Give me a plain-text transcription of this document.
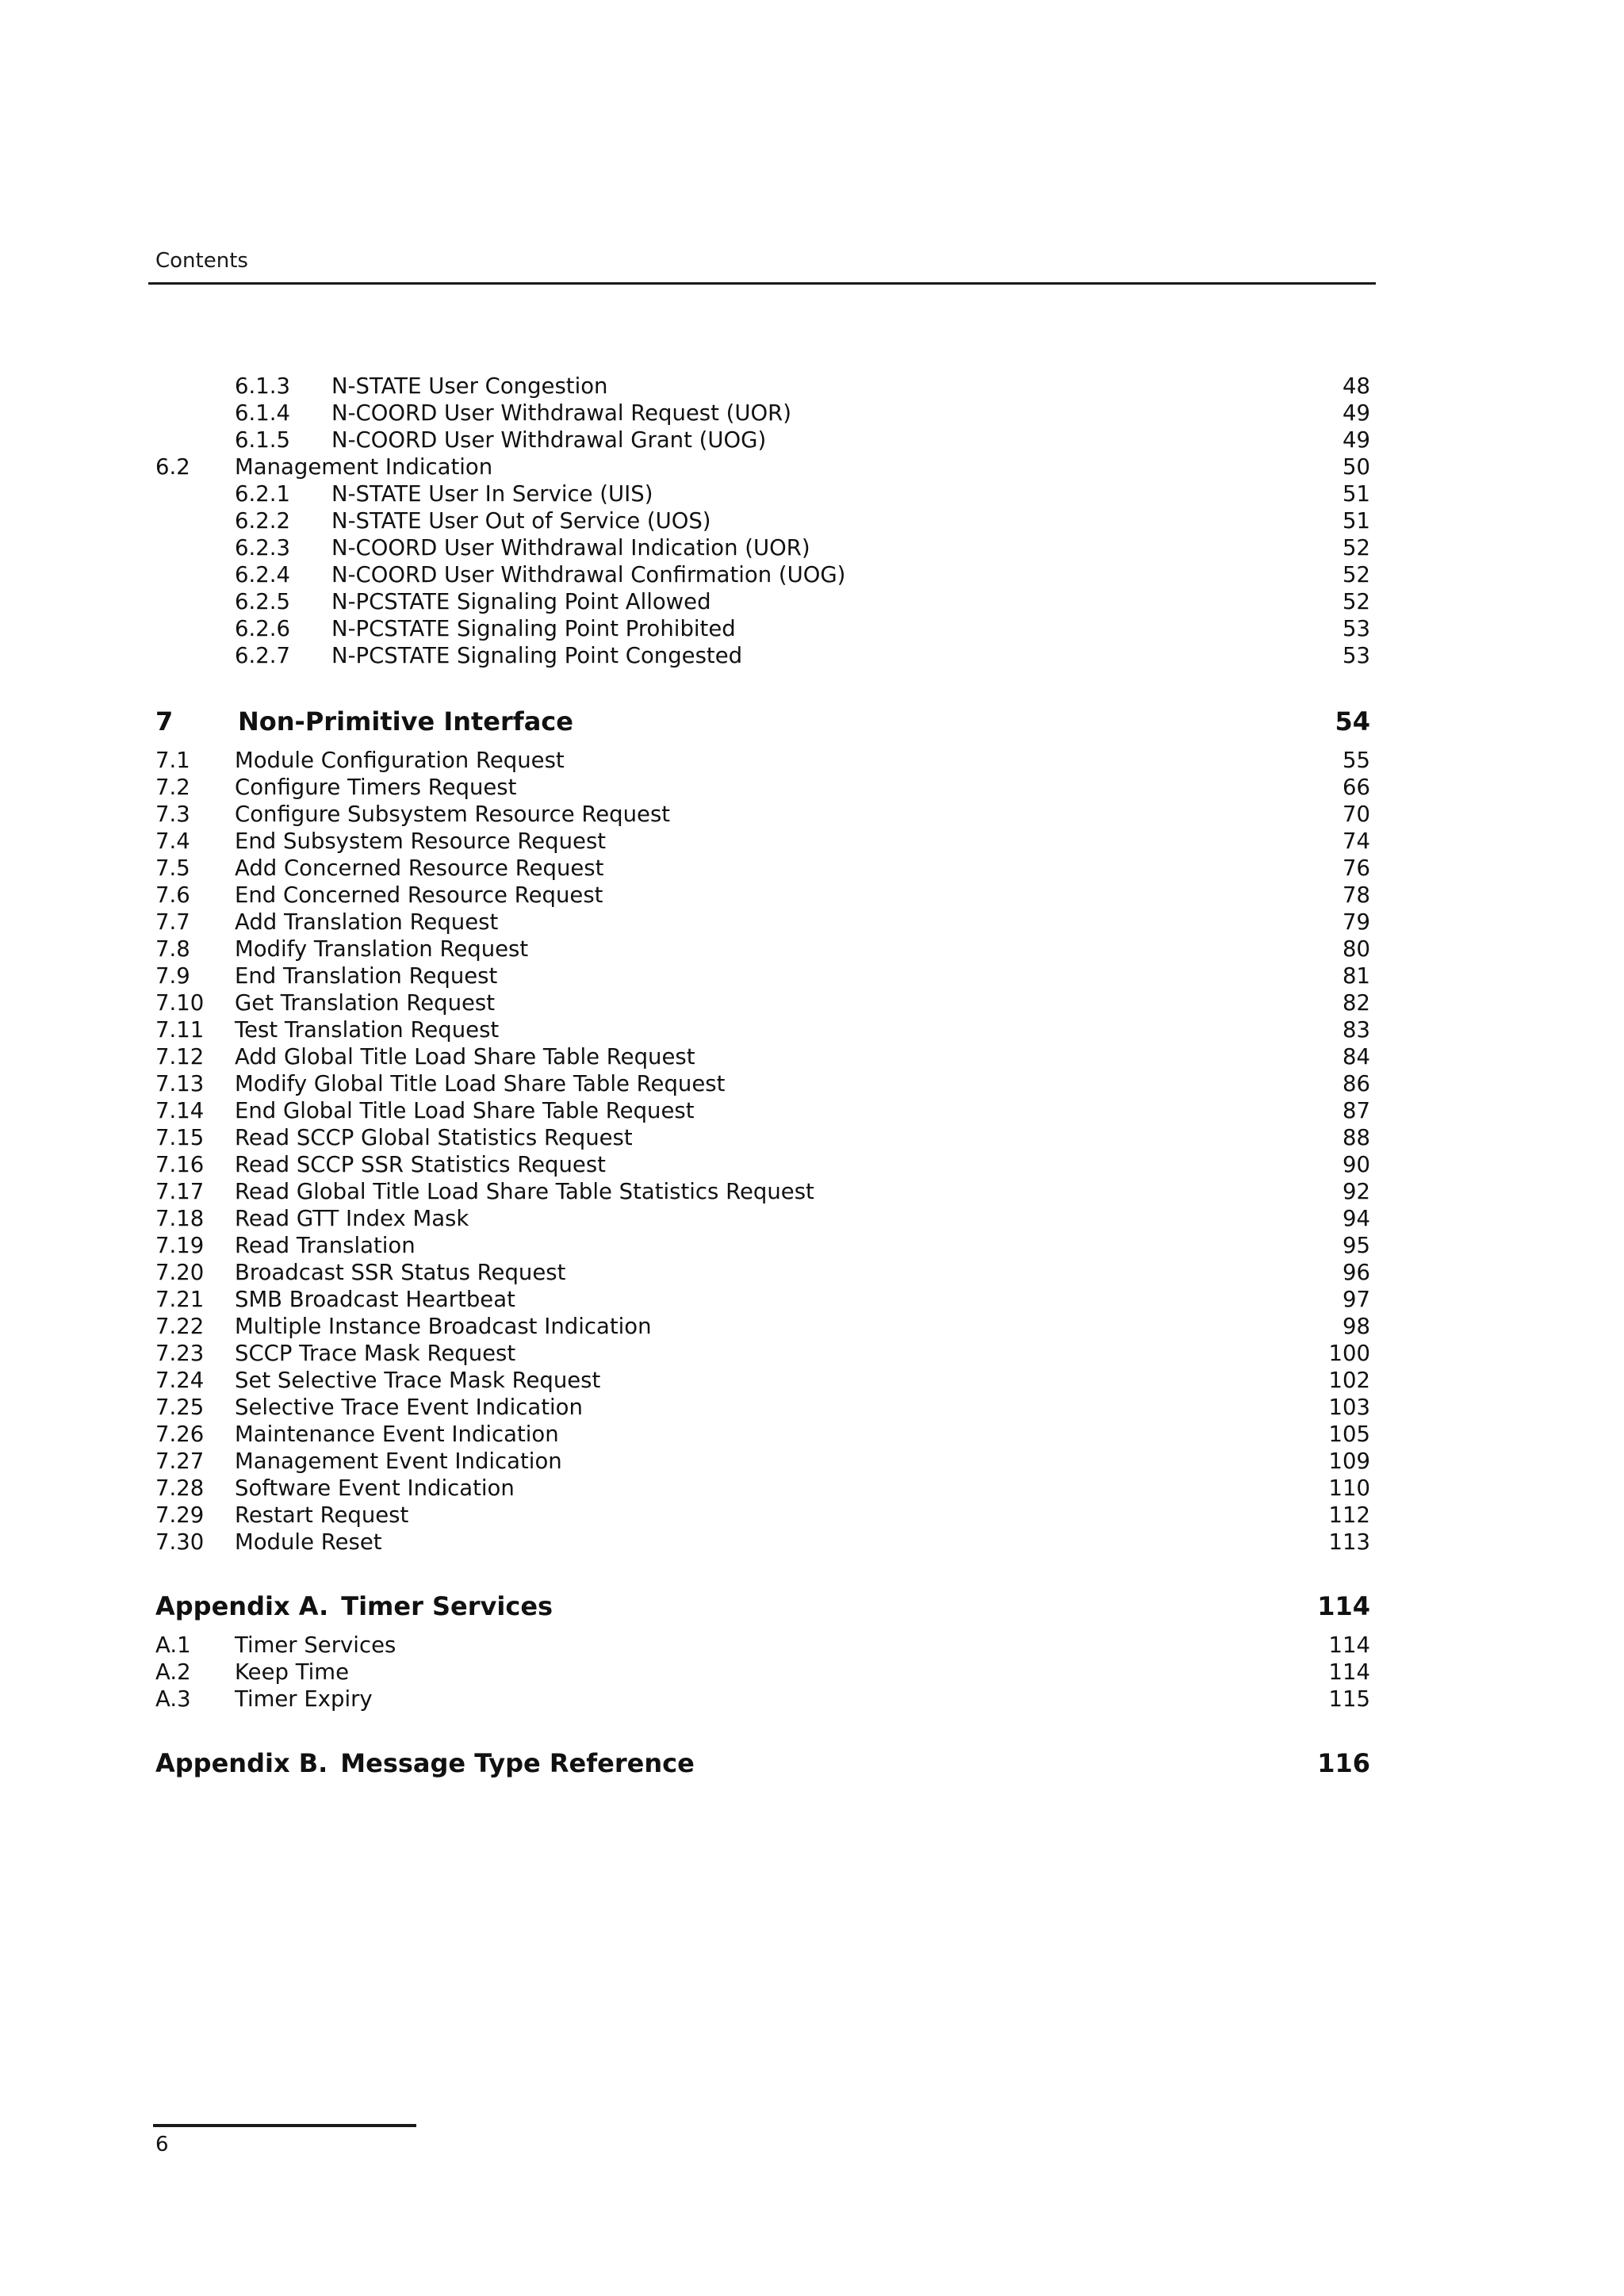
Contents
6.1.3	N-STATE User Congestion .....	48
6.1.4	N-COORD User Withdrawal Request (UOR) .....	49
6.1.5	N-COORD User Withdrawal Grant (UOG) .....	49
6.2	Management Indication .....	50
6.2.1	N-STATE User In Service (UIS) .....	51
6.2.2	N-STATE User Out of Service (UOS) .....	51
6.2.3	N-COORD User Withdrawal Indication (UOR) .....	52
6.2.4	N-COORD User Withdrawal Confirmation (UOG) .....	52
6.2.5	N-PCSTATE Signaling Point Allowed .....	52
6.2.6	N-PCSTATE Signaling Point Prohibited .....	53
6.2.7	N-PCSTATE Signaling Point Congested .....	53
7	Non-Primitive Interface .....	54
7.1	Module Configuration Request .....	55
7.2	Configure Timers Request .....	66
7.3	Configure Subsystem Resource Request .....	70
7.4	End Subsystem Resource Request .....	74
7.5	Add Concerned Resource Request .....	76
7.6	End Concerned Resource Request .....	78
7.7	Add Translation Request .....	79
7.8	Modify Translation Request .....	80
7.9	End Translation Request .....	81
7.10	Get Translation Request .....	82
7.11	Test Translation Request .....	83
7.12	Add Global Title Load Share Table Request .....	84
7.13	Modify Global Title Load Share Table Request .....	86
7.14	End Global Title Load Share Table Request .....	87
7.15	Read SCCP Global Statistics Request .....	88
7.16	Read SCCP SSR Statistics Request .....	90
7.17	Read Global Title Load Share Table Statistics Request .....	92
7.18	Read GTT Index Mask .....	94
7.19	Read Translation .....	95
7.20	Broadcast SSR Status Request .....	96
7.21	SMB Broadcast Heartbeat .....	97
7.22	Multiple Instance Broadcast Indication .....	98
7.23	SCCP Trace Mask Request .....	100
7.24	Set Selective Trace Mask Request .....	102
7.25	Selective Trace Event Indication .....	103
7.26	Maintenance Event Indication .....	105
7.27	Management Event Indication .....	109
7.28	Software Event Indication .....	110
7.29	Restart Request .....	112
7.30	Module Reset .....	113
Appendix A. Timer Services .....	114
A.1	Timer Services .....	114
A.2	Keep Time .....	114
A.3	Timer Expiry .....	115
Appendix B. Message Type Reference .....	116
6
